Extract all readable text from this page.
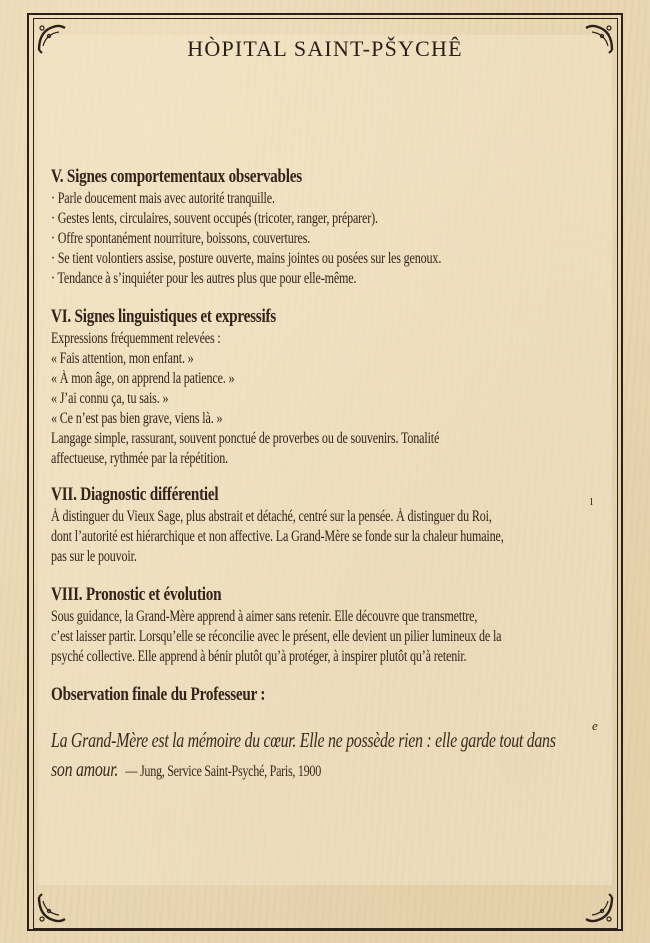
HÒPITAL SAINT-PŠYCHÊ
V. Signes comportementaux observables
· Parle doucement mais avec autorité tranquille.
· Gestes lents, circulaires, souvent occupés (tricoter, ranger, préparer).
· Offre spontanément nourriture, boissons, couvertures.
· Se tient volontiers assise, posture ouverte, mains jointes ou posées sur les genoux.
· Tendance à s’inquiéter pour les autres plus que pour elle-même.
VI. Signes linguistiques et expressifs
Expressions fréquemment relevées :
« Fais attention, mon enfant. »
« À mon âge, on apprend la patience. »
« J’ai connu ça, tu sais. »
« Ce n’est pas bien grave, viens là. »
Langage simple, rassurant, souvent ponctué de proverbes ou de souvenirs. Tonalité
affectueuse, rythmée par la répétition.
VII. Diagnostic différentiel
À distinguer du Vieux Sage, plus abstrait et détaché, centré sur la pensée. À distinguer du Roi,
dont l’autorité est hiérarchique et non affective. La Grand-Mère se fonde sur la chaleur humaine,
pas sur le pouvoir.
VIII. Pronostic et évolution
Sous guidance, la Grand-Mère apprend à aimer sans retenir. Elle découvre que transmettre,
c’est laisser partir. Lorsqu’elle se réconcilie avec le présent, elle devient un pilier lumineux de la
psyché collective. Elle apprend à bénir plutôt qu’à protéger, à inspirer plutôt qu’à retenir.
Observation finale du Professeur :
La Grand-Mère est la mémoire du cœur. Elle ne possède rien : elle garde tout dans
son amour. — Jung, Service Saint-Psyché, Paris, 1900
l
e
